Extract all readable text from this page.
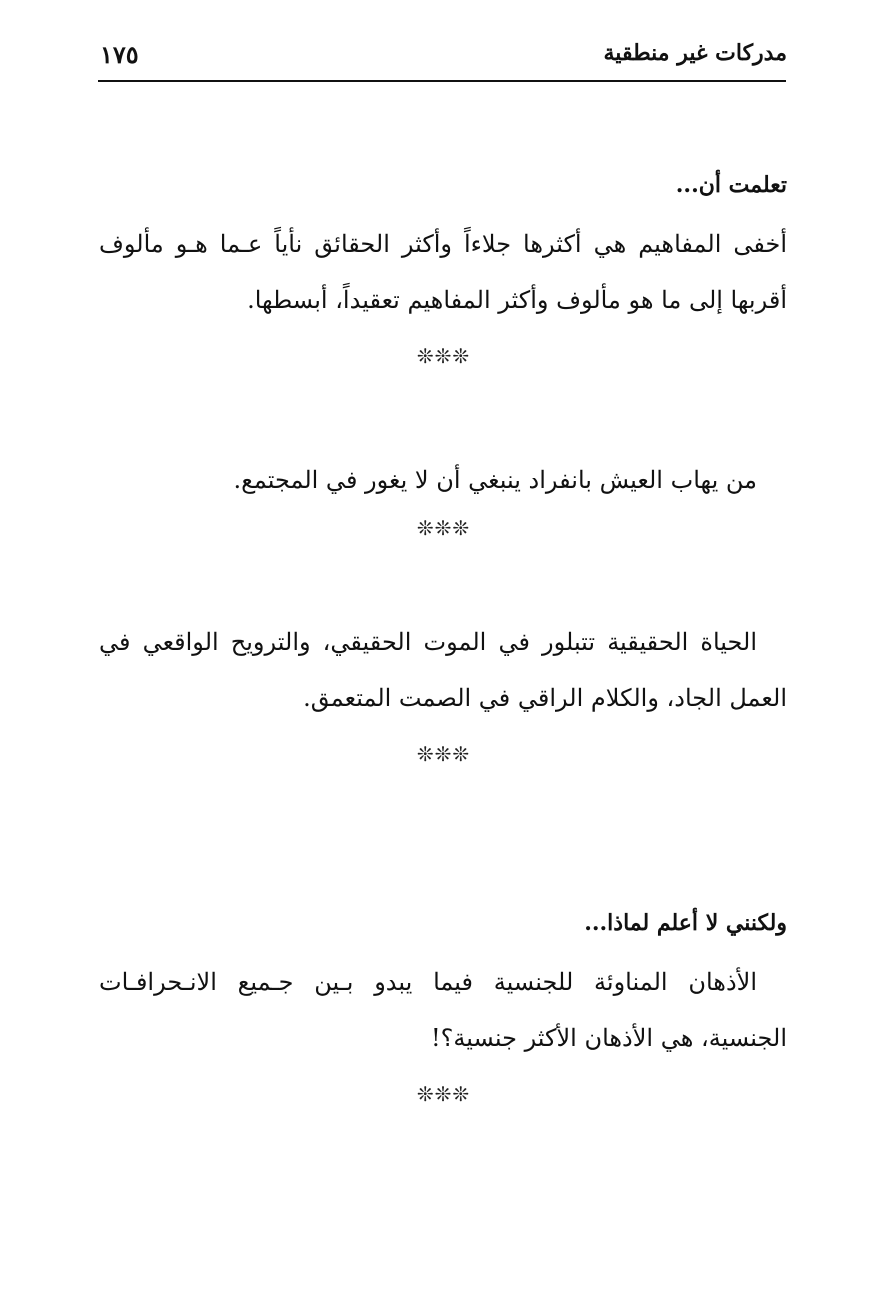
مدركات غير منطقية
١٧٥
تعلمت أن...
أخفى المفاهيم هي أكثرها جلاءاً وأكثر الحقائق نأياً عـما هـو مألوف أقربها إلى ما هو مألوف وأكثر المفاهيم تعقيداً، أبسطها.
❊❊❊
من يهاب العيش بانفراد ينبغي أن لا يغور في المجتمع.
❊❊❊
الحياة الحقيقية تتبلور في الموت الحقيقي، والترويح الواقعي في العمل الجاد، والكلام الراقي في الصمت المتعمق.
❊❊❊
ولكنني لا أعلم لماذا...
الأذهان المناوئة للجنسية فيما يبدو بـين جـميع الانـحرافـات الجنسية، هي الأذهان الأكثر جنسية؟!
❊❊❊
